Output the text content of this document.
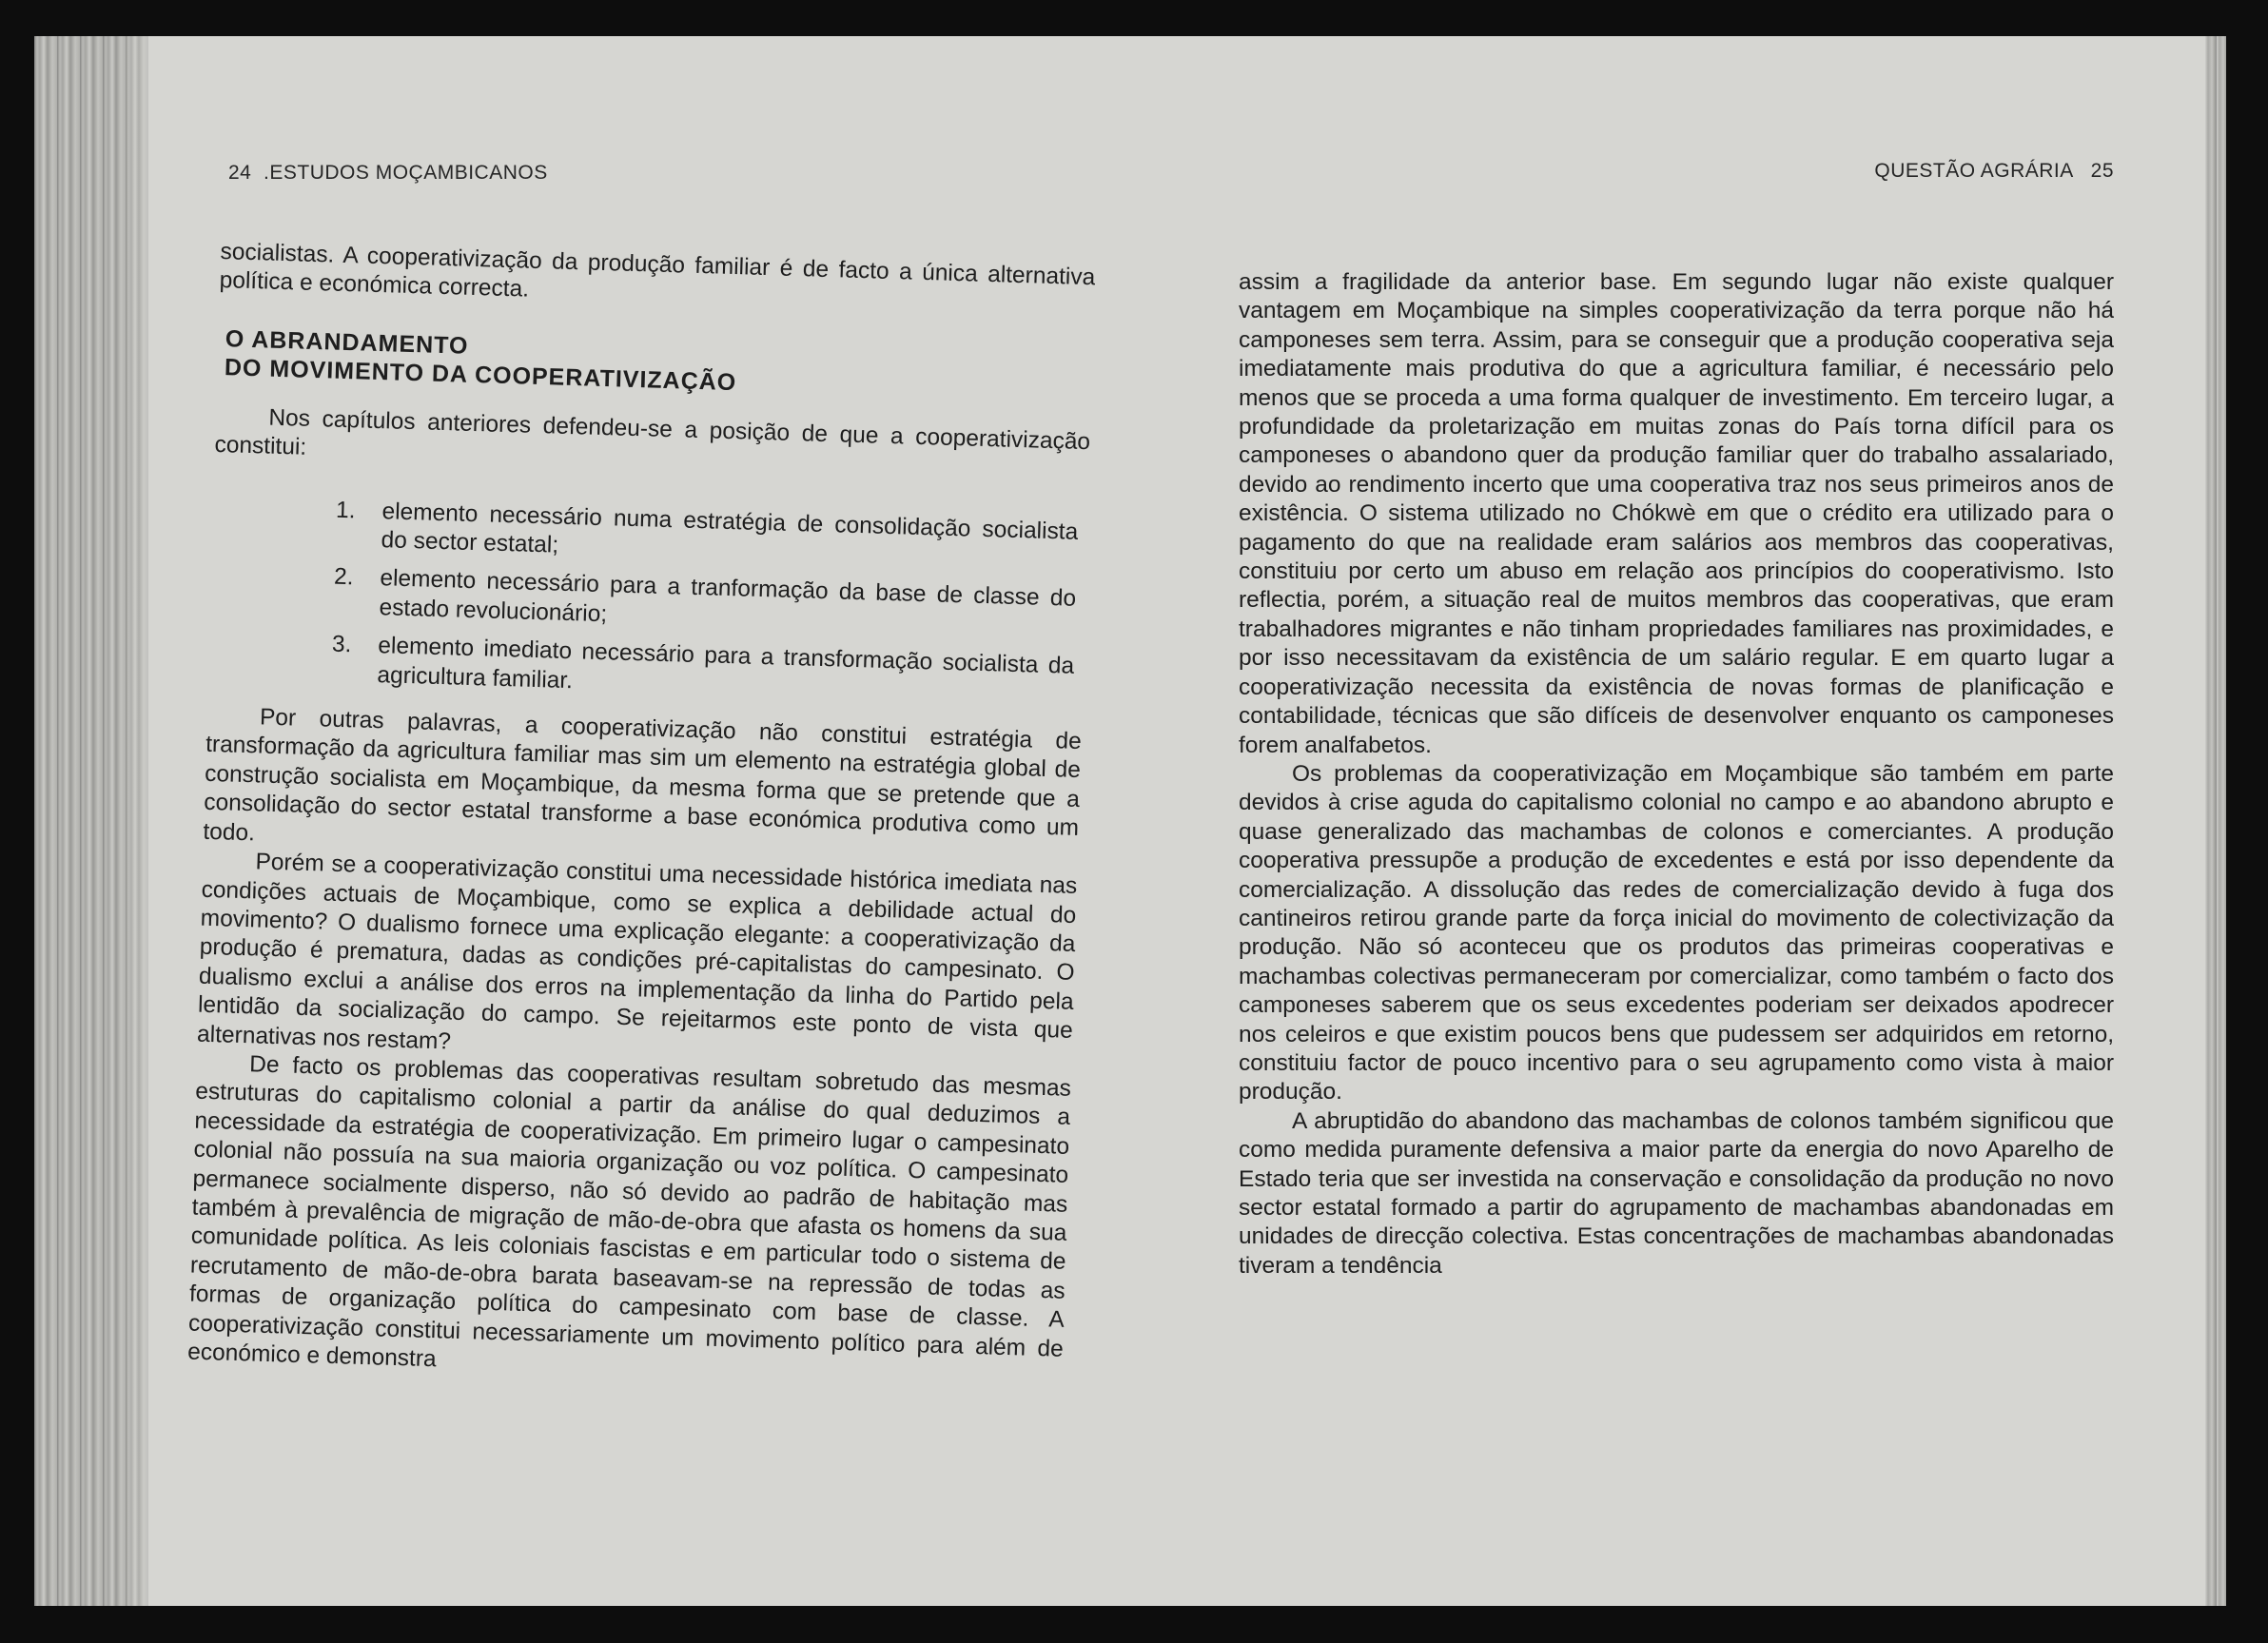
24  .ESTUDOS MOÇAMBICANOS

socialistas. A cooperativização da produção familiar é de facto a única alternativa política e económica correcta.

O ABRANDAMENTO
DO MOVIMENTO DA COOPERATIVIZAÇÃO

Nos capítulos anteriores defendeu-se a posição de que a cooperativização constitui:

1.	elemento necessário numa estratégia de consolidação socialista do sector estatal;
2.	elemento necessário para a tranformação da base de classe do estado revolucionário;
3.	elemento imediato necessário para a transformação socialista da agricultura familiar.

Por outras palavras, a cooperativização não constitui estratégia de transformação da agricultura familiar mas sim um elemento na estratégia global de construção socialista em Moçambique, da mesma forma que se pretende que a consolidação do sector estatal transforme a base económica produtiva como um todo.

Porém se a cooperativização constitui uma necessidade histórica imediata nas condições actuais de Moçambique, como se explica a debilidade actual do movimento? O dualismo fornece uma explicação elegante: a cooperativização da produção é prematura, dadas as condições pré-capitalistas do campesinato. O dualismo exclui a análise dos erros na implementação da linha do Partido pela lentidão da socialização do campo. Se rejeitarmos este ponto de vista que alternativas nos restam?

De facto os problemas das cooperativas resultam sobretudo das mesmas estruturas do capitalismo colonial a partir da análise do qual deduzimos a necessidade da estratégia de cooperativização. Em primeiro lugar o campesinato colonial não possuía na sua maioria organização ou voz política. O campesinato permanece socialmente disperso, não só devido ao padrão de habitação mas também à prevalência de migração de mão-de-obra que afasta os homens da sua comunidade política. As leis coloniais fascistas e em particular todo o sistema de recrutamento de mão-de-obra barata baseavam-se na repressão de todas as formas de organização política do campesinato com base de classe. A cooperativização constitui necessariamente um movimento político para além de económico e demonstra

QUESTÃO AGRÁRIA 25

assim a fragilidade da anterior base. Em segundo lugar não existe qualquer vantagem em Moçambique na simples cooperativização da terra porque não há camponeses sem terra. Assim, para se conseguir que a produção cooperativa seja imediatamente mais produtiva do que a agricultura familiar, é necessário pelo menos que se proceda a uma forma qualquer de investimento. Em terceiro lugar, a profundidade da proletarização em muitas zonas do País torna difícil para os camponeses o abandono quer da produção familiar quer do trabalho assalariado, devido ao rendimento incerto que uma cooperativa traz nos seus primeiros anos de existência. O sistema utilizado no Chókwè em que o crédito era utilizado para o pagamento do que na realidade eram salários aos membros das cooperativas, constituiu por certo um abuso em relação aos princípios do cooperativismo. Isto reflectia, porém, a situação real de muitos membros das cooperativas, que eram trabalhadores migrantes e não tinham propriedades familiares nas proximidades, e por isso necessitavam da existência de um salário regular. E em quarto lugar a cooperativização necessita da existência de novas formas de planificação e contabilidade, técnicas que são difíceis de desenvolver enquanto os camponeses forem analfabetos.

Os problemas da cooperativização em Moçambique são também em parte devidos à crise aguda do capitalismo colonial no campo e ao abandono abrupto e quase generalizado das machambas de colonos e comerciantes. A produção cooperativa pressupõe a produção de excedentes e está por isso dependente da comercialização. A dissolução das redes de comercialização devido à fuga dos cantineiros retirou grande parte da força inicial do movimento de colectivização da produção. Não só aconteceu que os produtos das primeiras cooperativas e machambas colectivas permaneceram por comercializar, como também o facto dos camponeses saberem que os seus excedentes poderiam ser deixados apodrecer nos celeiros e que existim poucos bens que pudessem ser adquiridos em retorno, constituiu factor de pouco incentivo para o seu agrupamento como vista à maior produção.

A abruptidão do abandono das machambas de colonos também significou que como medida puramente defensiva a maior parte da energia do novo Aparelho de Estado teria que ser investida na conservação e consolidação da produção no novo sector estatal formado a partir do agrupamento de machambas abandonadas em unidades de direcção colectiva. Estas concentrações de machambas abandonadas tiveram a tendência
